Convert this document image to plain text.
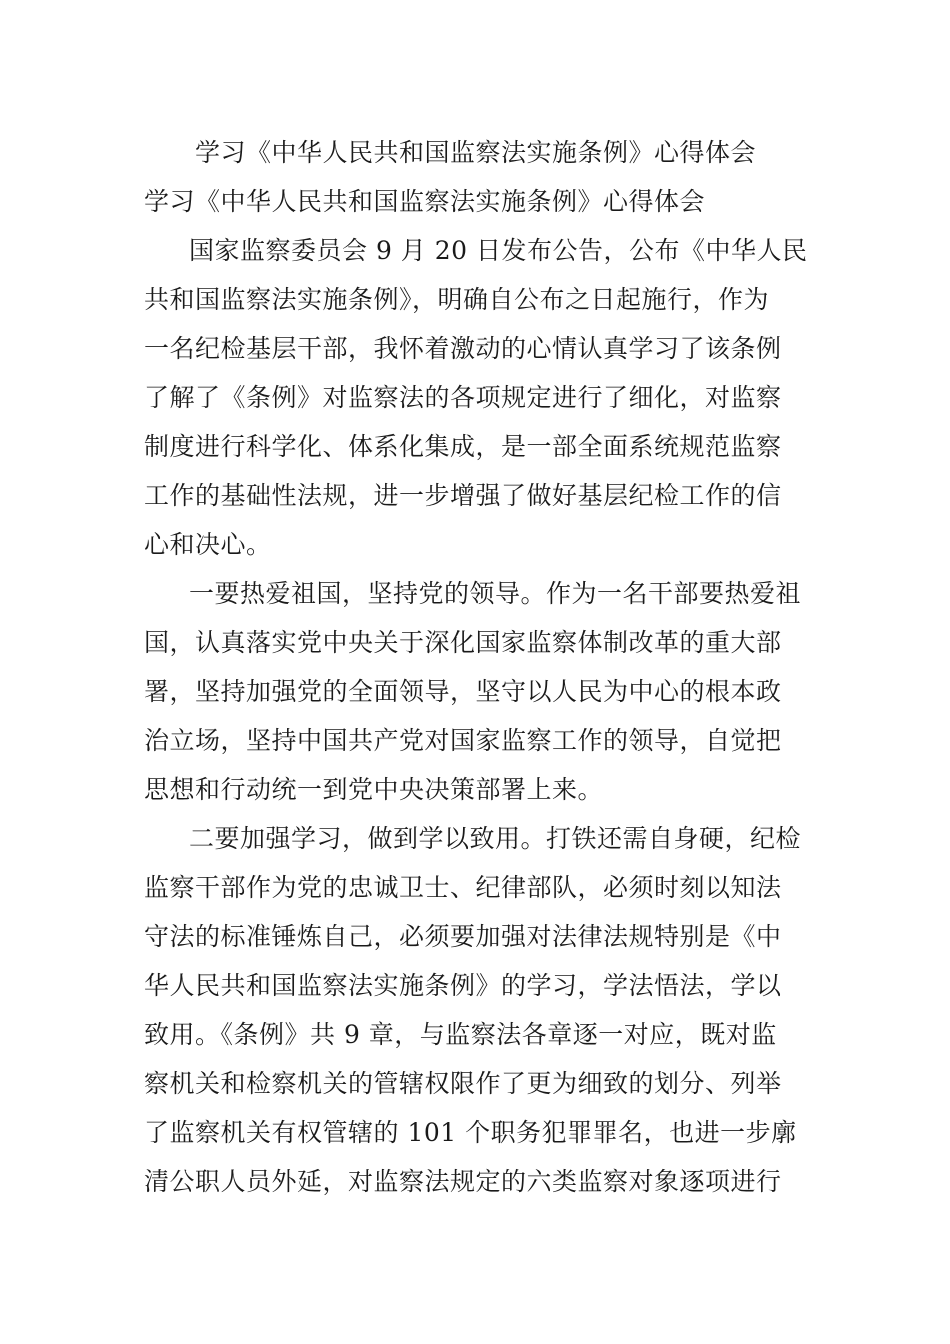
学习《中华人民共和国监察法实施条例》心得体会
学习《中华人民共和国监察法实施条例》心得体会
国家监察委员会 9 月 20 日发布公告，公布《中华人民
共和国监察法实施条例》，明确自公布之日起施行，作为
一名纪检基层干部，我怀着激动的心情认真学习了该条例
了解了《条例》对监察法的各项规定进行了细化，对监察
制度进行科学化、体系化集成，是一部全面系统规范监察
工作的基础性法规，进一步增强了做好基层纪检工作的信
心和决心。
一要热爱祖国，坚持党的领导。作为一名干部要热爱祖
国，认真落实党中央关于深化国家监察体制改革的重大部
署，坚持加强党的全面领导，坚守以人民为中心的根本政
治立场，坚持中国共产党对国家监察工作的领导，自觉把
思想和行动统一到党中央决策部署上来。
二要加强学习，做到学以致用。打铁还需自身硬，纪检
监察干部作为党的忠诚卫士、纪律部队，必须时刻以知法
守法的标准锤炼自己，必须要加强对法律法规特别是《中
华人民共和国监察法实施条例》的学习，学法悟法，学以
致用。《条例》共 9 章，与监察法各章逐一对应，既对监
察机关和检察机关的管辖权限作了更为细致的划分、列举
了监察机关有权管辖的 101 个职务犯罪罪名，也进一步廓
清公职人员外延，对监察法规定的六类监察对象逐项进行
